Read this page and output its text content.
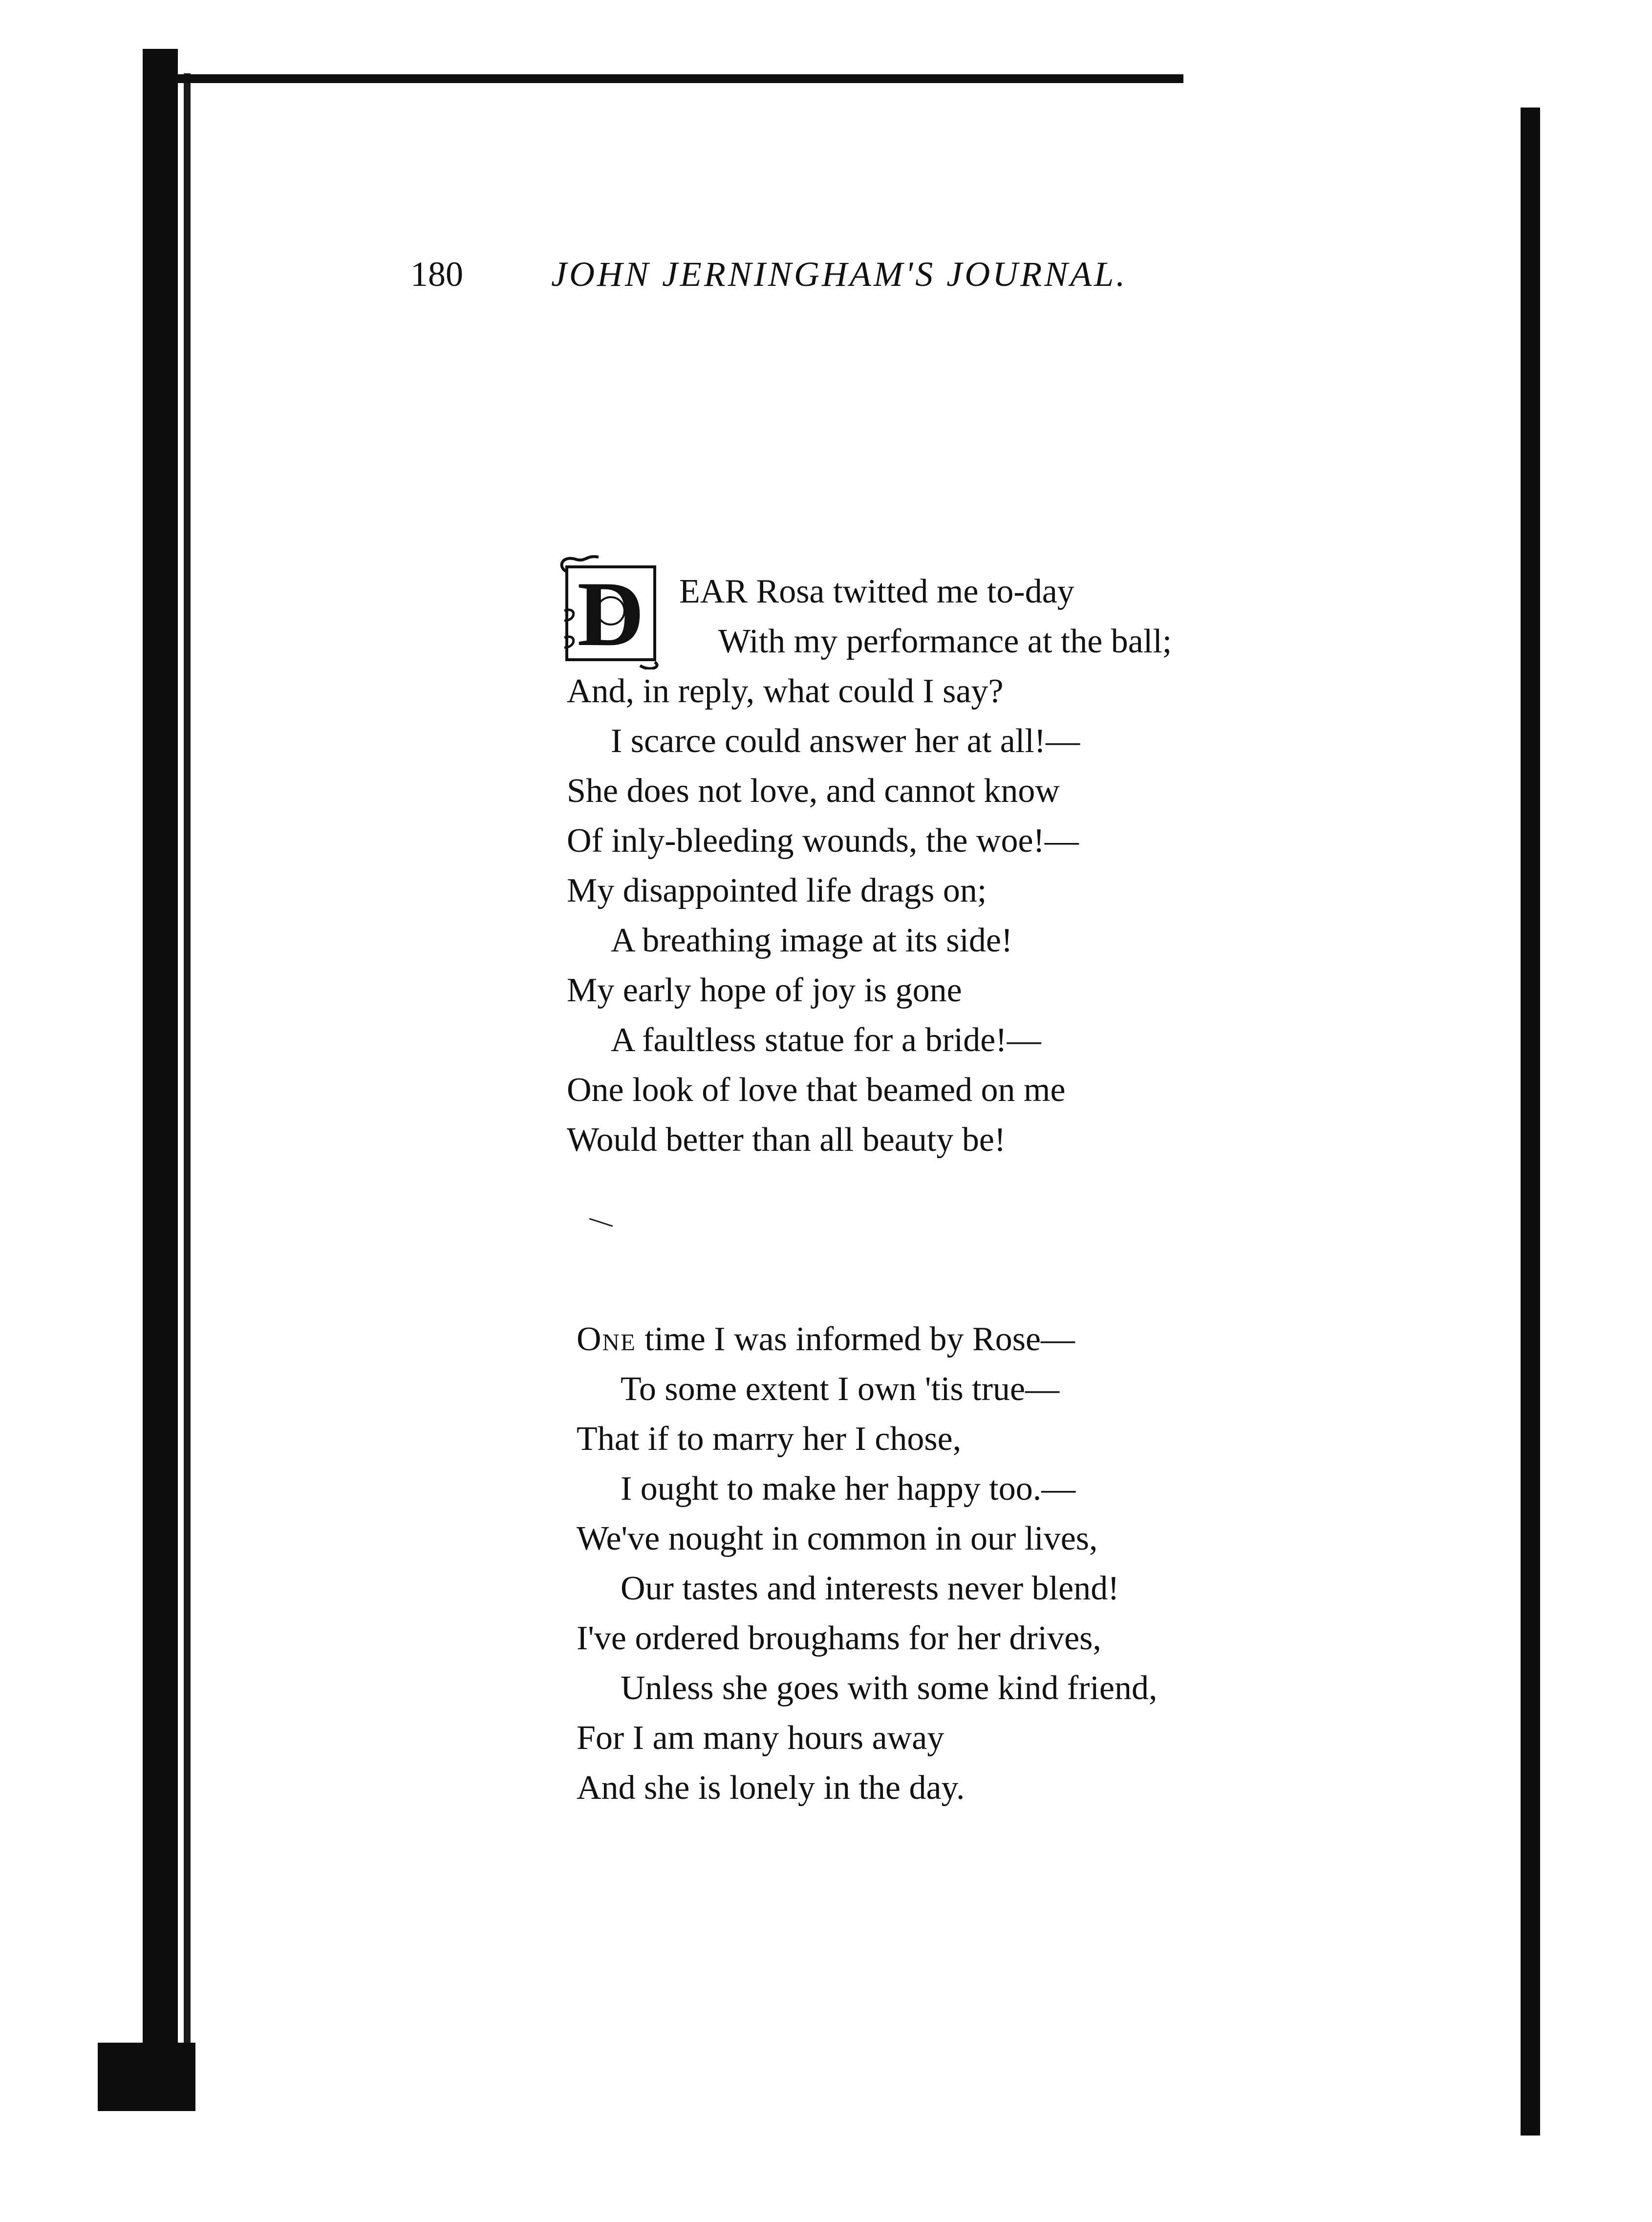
180	JOHN JERNINGHAM'S JOURNAL.
D	EAR Rosa twitted me to-day
With my performance at the ball;
And, in reply, what could I say?
I scarce could answer her at all!—
She does not love, and cannot know
Of inly-bleeding wounds, the woe!—
My disappointed life drags on;
A breathing image at its side!
My early hope of joy is gone
A faultless statue for a bride!—
One look of love that beamed on me
Would better than all beauty be!
One time I was informed by Rose—
To some extent I own 'tis true—
That if to marry her I chose,
I ought to make her happy too.—
We've nought in common in our lives,
Our tastes and interests never blend!
I've ordered broughams for her drives,
Unless she goes with some kind friend,
For I am many hours away
And she is lonely in the day.
